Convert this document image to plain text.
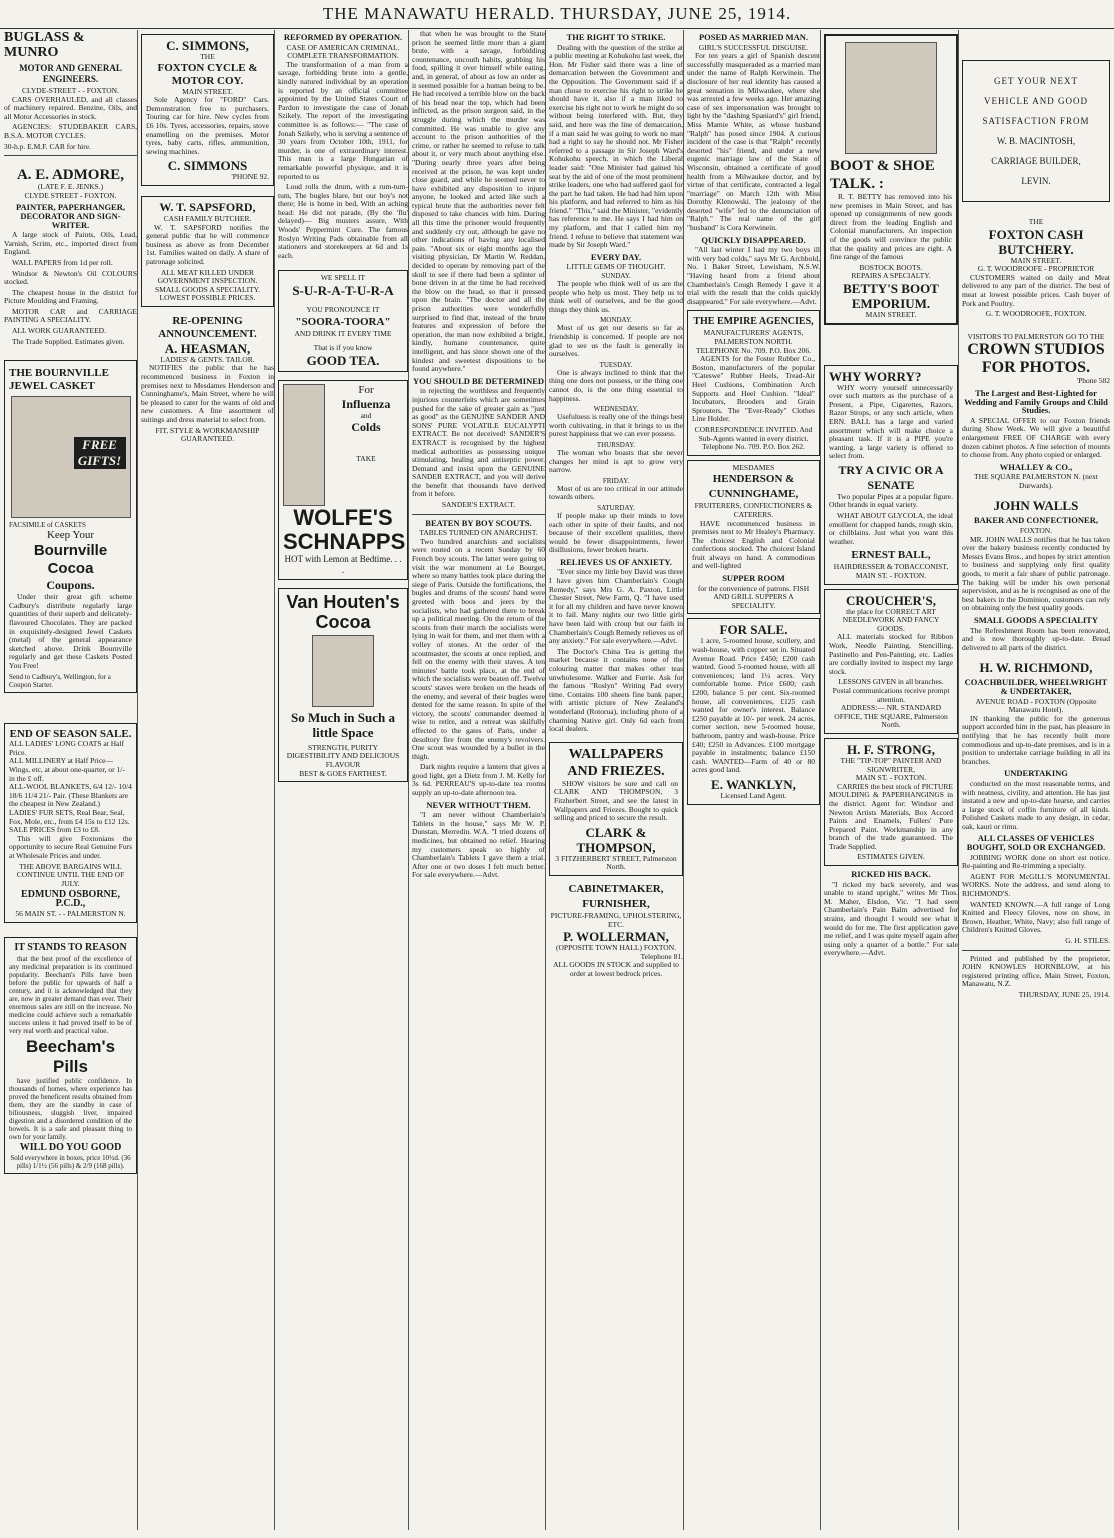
THE MANAWATU HERALD. THURSDAY, JUNE 25, 1914.
BUGLASS & MUNRO
MOTOR AND GENERAL ENGINEERS.
CLYDE-STREET - - FOXTON.

CARS OVERHAULED, and all classes of machinery repaired. Benzine, Oils, and all Motor Accessories in stock.

AGENCIES: STUDEBAKER CARS, B.S.A. MOTOR CYCLES.

30-h.p. E.M.F. CAR for hire.
A. E. ADMORE,
(LATE F. E. JENKS.)
CLYDE STREET - FOXTON.
PAINTER, PAPERHANGER, DECORATOR AND SIGN-WRITER.

A large stock of Paints, Oils, Lead, Varnish, Scrim, etc., imported direct from England.

WALL PAPERS from 1d per roll.

Windsor & Newton's Oil COLOURS stocked.

The cheapest house in the district for Picture Moulding and Framing.

MOTOR CAR and CARRIAGE PAINTING A SPECIALITY.

ALL WORK GUARANTEED.

The Trade Supplied. Estimates given.

THE BOURNVILLE JEWEL CASKET
FREE GIFTS!
FACSIMILE of CASKETS
Keep Your
Bournville Cocoa
Coupons.

Under their great gift scheme Cadbury's distribute regularly large quantities of their superb and delicately-flavoured Chocolates. They are packed in exquisitely-designed Jewel Caskets (metal) of the general appearance sketched above. Drink Bournville regularly and get these Caskets Posted You Free!

Send to Cadbury's, Wellington, for a Coupon Starter.
END OF SEASON SALE.
ALL LADIES' LONG COATS at Half Price.
ALL MILLINERY at Half Price—Wings, etc, at about one-quarter, or 1/- in the £ off.
ALL-WOOL BLANKETS, 6/4 12/- 10/4 18/6 11/4 21/- Pair. (These Blankets are the cheapest in New Zealand.)
LADIES' FUR SETS, Real Bear, Seal, Fox, Mole, etc., from £4 15s to £12 12s. SALE PRICES from £3 to £8.

This will give Foxtonians the opportunity to secure Real Genuine Furs at Wholesale Prices and under.

THE ABOVE BARGAINS WILL CONTINUE UNTIL THE END OF JULY.
EDMUND OSBORNE, P.C.D.,
56 MAIN ST. - - PALMERSTON N.
IT STANDS TO REASON

that the best proof of the excellence of any medicinal preparation is its continued popularity. Beecham's Pills have been before the public for upwards of half a century, and it is acknowledged that they are, now in greater demand than ever. Their enormous sales are still on the increase. No medicine could achieve such a remarkable success unless it had proved itself to be of very real worth and practical value.

Beecham's Pills

have justified public confidence. In thousands of homes, where experience has proved the beneficent results obtained from them, they are the standby in case of biliousness, sluggish liver, impaired digestion and a disordered condition of the bowels. It is a safe and pleasant thing to own for your family.

WILL DO YOU GOOD
Sold everywhere in boxes, price 10½d. (36 pills) 1/1½ (56 pills) & 2/9 (168 pills).
C. SIMMONS,
THE
FOXTON CYCLE & MOTOR COY.
MAIN STREET.

Sole Agency for "FORD" Cars. Demonstration free to purchasers. Touring car for hire. New cycles from £6 10s. Tyres, accessories, repairs, stove enamelling on the premises. Motor tyres, baby carts, rifles, ammunition, sewing machines.

C. SIMMONS
'PHONE 92.
W. T. SAPSFORD,
CASH FAMILY BUTCHER.

W. T. SAPSFORD notifies the general public that he will commence business as above as from December 1st. Families waited on daily. A share of patronage solicited.

ALL MEAT KILLED UNDER GOVERNMENT INSPECTION.
SMALL GOODS A SPECIALITY.
LOWEST POSSIBLE PRICES.
RE-OPENING ANNOUNCEMENT.
A. HEASMAN,
LADIES' & GENTS. TAILOR.

NOTIFIES the public that he has recommenced business in Foxton in premises next to Mesdames Henderson and Cunninghame's, Main Street, where he will be pleased to cater for the wants of old and new customers. A fine assortment of suitings and dress material to select from.

FIT, STYLE & WORKMANSHIP GUARANTEED.
REFORMED BY OPERATION.
CASE OF AMERICAN CRIMINAL.
COMPLETE TRANSFORMATION.

The transformation of a man from a savage, forbidding brute into a gentle, kindly natured individual by an operation is reported by an official committee appointed by the United States Court of Pardon to investigate the case of Jonah Szikely. The report of the investigating committee is as follows:— "The case of Jonah Szikely, who is serving a sentence of 30 years from October 10th, 1911, for murder, is one of extraordinary interest. This man is a large Hungarian of remarkable powerful physique, and it is reported to us

Loud rolls the drum, with a rum-tum-tum, The bugles blare, but our boy's not there; He is home in bed, With an aching head: He did not parade, (By the 'flu' delayed)— Big musters assure, With Woods' Peppermint Cure. The famous Roslyn Writing Pads obtainable from all stationers and storekeepers at 6d and 1s each.

WE SPELL IT
S-U-R-A-T-U-R-A
YOU PRONOUNCE IT
"SOORA-TOORA"
AND DRINK IT EVERY TIME
That is if you know
GOOD TEA.
For
Influenza
and
Colds
TAKE
WOLFE'S SCHNAPPS
HOT with Lemon at Bedtime. . . .
Van Houten's Cocoa
So Much in Such a little Space
STRENGTH, PURITY DIGESTIBILITY AND DELICIOUS FLAVOUR
BEST & GOES FARTHEST.

that when he was brought to the State prison he seemed little more than a giant brute, with a savage, forbidding countenance, uncouth habits, grabbing his food, spilling it over himself while eating, and, in general, of about as low an order as it seemed possible for a human being to be. He had received a terrible blow on the back of his head near the top, which had been inflicted, as the prison surgeon said, in the struggle during which the murder was committed. He was unable to give any account to the prison authorities of the crime, or rather he seemed to refuse to talk about it, or very much about anything else. "During nearly three years after being received at the prison, he was kept under close guard, and while he seemed never to have exhibited any disposition to injure anyone, he looked and acted like such a typical brute that the authorities never felt disposed to take chances with him. During all this time the prisoner would frequently and suddenly cry out, although he gave no other indications of having any localised pain. "About six or eight months ago the visiting physician, Dr Martin W. Reddan, decided to operate by removing part of the skull to see if there had been a splinter of bone driven in at the time he had received the blow on the head, so that it pressed upon the brain. "The doctor and all the prison authorities were wonderfully surprised to find that, instead of the brute features and expression of before the operation, the man now exhibited a bright, kindly, humane countenance, quite intelligent, and has since shown one of the kindest and sweetest dispositions to be found anywhere."

YOU SHOULD BE DETERMINED

in rejecting the worthless and frequently injurious counterfeits which are sometimes pushed for the sake of greater gain as "just as good" as the GENUINE SANDER AND SONS' PURE VOLATILE EUCALYPTI EXTRACT. Be not deceived! SANDER'S EXTRACT is recognised by the highest medical authorities as possessing unique stimulating, healing and antiseptic power. Demand and insist upon the GENUINE SANDER EXTRACT, and you will derive the benefit that thousands have derived from it before.

SANDER'S EXTRACT.
BEATEN BY BOY SCOUTS.
TABLES TURNED ON ANARCHIST.

Two hundred anarchists and socialists were routed on a recent Sunday by 60 French boy scouts. The latter were going to visit the war monument at Le Bourget, where so many battles took place during the siege of Paris. Outside the fortifications, the bugles and drums of the scouts' band were greeted with boos and jeers by the socialists, who had gathered there to break up a political meeting. On the return of the scouts from their march the socialists were lying in wait for them, and met them with a volley of stones. At the order of the scoutmaster, the scouts at once replied, and fell on the enemy with their staves. A ten minutes' battle took place, at the end of which the socialists were beaten off. Twelve scouts' staves were broken on the heads of the enemy, and several of their bugles were dented for the same reason. In spite of the victory, the scouts' commander deemed it wise to retire, and a retreat was skilfully effected to the gates of Paris, under a desultory fire from the enemy's revolvers. One scout was wounded by a bullet in the thigh.

Dark nights require a lantern that gives a good light, get a Dietz from J. M. Kelly for 3s 6d. PERREAU'S up-to-date tea rooms supply an up-to-date afternoon tea.

NEVER WITHOUT THEM.

"I am never without Chamberlain's Tablets in the house," says Mr W. P. Dunstan, Merredin. W.A. "I tried dozens of medicines, but obtained no relief. Hearing my customers speak so highly of Chamberlain's Tablets I gave them a trial. After one or two doses I felt much better. For sale everywhere.—Advt.

THE RIGHT TO STRIKE.

Dealing with the question of the strike at a public meeting at Kohukohu last week, the Hon. Mr Fisher said there was a line of demarcation between the Government and the Opposition. The Government said if a man chose to exercise his right to strike he should have it, also if a man liked to exercise his right not to work he might do so without being interfered with. But, they said, and here was the line of demarcation, if a man said he was going to work no man had a right to say he should not. Mr Fisher referred to a passage in Sir Joseph Ward's Kohukohu speech, in which the Liberal leader said: "One Minister had gained his seat by the aid of one of the most prominent strike leaders, one who had suffered gaol for the part he had taken. He had had him upon his platform, and had referred to him as his friend." "This," said the Minister, "evidently has reference to me. He says I had him on my platform, and that I called him my friend. I refuse to believe that statement was made by Sir Joseph Ward."

EVERY DAY.
LITTLE GEMS OF THOUGHT.
SUNDAY.

The people who think well of us are the people who help us most. They help us to think well of ourselves, and be the good things they think us.

MONDAY.

Most of us get our deserts so far as friendship is concerned. If people are not glad to see us the fault is generally in ourselves.

TUESDAY.

One is always inclined to think that the thing one does not possess, or the thing one cannot do, is the one thing essential to happiness.

WEDNESDAY.

Usefulness is really one of the things best worth cultivating, in that it brings to us the purest happiness that we can ever possess.

THURSDAY.

The woman who boasts that she never changes her mind is apt to grow very narrow.

FRIDAY.

Most of us are too critical in our attitude towards others.

SATURDAY.

If people make up their minds to love each other in spite of their faults, and not because of their excellent qualities, there would be fewer disappointments, fewer disillusions, fewer broken hearts.

RELIEVES US OF ANXIETY.

"Ever since my little boy David was three I have given him Chamberlain's Cough Remedy," says Mrs G. A. Paxton, Little Chester Street, New Farm, Q. "I have used it for all my children and have never known it to fail. Many nights our two little girls have been laid with croup but our faith in Chamberlain's Cough Remedy relieves us of any anxiety." For sale everywhere.—Advt.

The Doctor's China Tea is getting the market because it contains none of the colouring matter that makes other teas unwholesome. Walker and Furrie. Ask for the famous "Roslyn" Writing Pad every time. Contains 100 sheets fine bank paper, with artistic picture of New Zealand's wonderland (Rotorua), including photo of a charming Native girl. Only 6d each from local dealers.

WALLPAPERS AND FRIEZES.

SHOW visitors be sure and call on CLARK AND THOMPSON, 3 Fitzherbert Street, and see the latest in Wallpapers and Friezes. Bought to quick selling and priced to secure the result.

CLARK & THOMPSON,
3 FITZHERBERT STREET, Palmerston North.
CABINETMAKER, FURNISHER,
PICTURE-FRAMING, UPHOLSTERING, ETC.
P. WOLLERMAN,
(OPPOSITE TOWN HALL) FOXTON.
Telephone 81.
ALL GOODS IN STOCK and supplied to order at lowest bedrock prices.
POSED AS MARRIED MAN.
GIRL'S SUCCESSFUL DISGUISE.

For ten years a girl of Spanish descent successfully masqueraded as a married man under the name of Ralph Kerwinein. The disclosure of her real identity has caused a great sensation in Milwaukee, where she was arrested a few weeks ago. Her amazing case of sex impersonation was brought to light by the "dashing Spaniard's" girl friend, Miss Mamie White, as whose husband "Ralph" has posed since 1904. A curious incident of the case is that "Ralph" recently deserted "his" friend, and under a new eugenic marriage law of the State of Wisconsin, obtained a certificate of good health from a Milwaukee doctor, and by virtue of that certificate, contracted a legal "marriage" on March 12th with Miss Dorothy Klenowski. The jealousy of the deserted "wife" led to the denunciation of "Ralph." The real name of the girl "husband" is Cora Kerwinein.

QUICKLY DISAPPEARED.

"All last winter I had my two boys ill with very bad colds," says Mr G. Archbold, No. 1 Baker Street, Lewisham, N.S.W. "Having heard from a friend about Chamberlain's Cough Remedy I gave it a trial with the result that the colds quickly disappeared." For sale everywhere.—Advt.

THE EMPIRE AGENCIES,
MANUFACTURERS' AGENTS, PALMERSTON NORTH.
TELEPHONE No. 709. P.O. Box 206.

AGENTS for the Foster Rubber Co., Boston, manufacturers of the popular "Cateswe" Rubber Heels, Tread-Air Heel Cushions, Combination Arch Supports and Heel Cushion. "Ideal" Incubators, Brooders and Grain Sprouters. The "Ever-Ready" Clothes Line Holder.

CORRESPONDENCE INVITED. And Sub-Agents wanted in every district.
Telephone No. 709. P.O. Box 262.
MESDAMES
HENDERSON & CUNNINGHAME,
FRUITERERS, CONFECTIONERS & CATERERS.

HAVE recommenced business in premises next to Mr Healey's Pharmacy. The choicest English and Colonial confections stocked. The choicest Island fruit always on hand. A commodious and well-lighted

SUPPER ROOM
for the convenience of patrons. FISH AND GRILL SUPPERS A SPECIALITY.
FOR SALE.

1 acre, 5-roomed house, scullery, and wash-house, with copper set in. Situated Avenue Road. Price £450; £200 cash wanted. Good 5-roomed house, with all conveniences; land 1¼ acres. Very comfortable home. Price £600; cash £200, balance 5 per cent. Six-roomed house, all conveniences, £125 cash wanted for owner's interest. Balance £250 payable at 10/- per week. 24 acres, corner section, new 5-roomed house, bathroom, pantry and wash-house. Price £40; £250 in Advances. £100 mortgage payable in instalments; balance £150 cash. WANTED—Farm of 40 or 80 acres good land.

E. WANKLYN,
Licensed Land Agent.
BOOT & SHOE TALK. :

R. T. BETTY has removed into his new premises in Main Street, and has opened up consignments of new goods direct from the leading English and Colonial manufacturers. An inspection of the goods will convince the public that the quality and prices are right. A fine range of the famous

BOSTOCK BOOTS.
REPAIRS A SPECIALTY.
BETTY'S BOOT EMPORIUM.
MAIN STREET.
WHY WORRY?

WHY worry yourself unnecessarily over such matters as the purchase of a Present, a Pipe, Cigarettes, Razors, Razor Strops, or any such article, when ERN. BALL has a large and varied assortment which will make choice a pleasant task. If it is a PIPE you're wanting, a large variety is offered to select from.

TRY A CIVIC OR A SENATE

Two popular Pipes at a popular figure. Other brands in equal variety.

WHAT ABOUT GLYCOLA, the ideal emollient for chapped hands, rough skin, or chilblains. Just what you want this weather.

ERNEST BALL,
HAIRDRESSER & TOBACCONIST,
MAIN ST. - FOXTON.
CROUCHER'S,
the place for CORRECT ART NEEDLEWORK AND FANCY GOODS.

ALL materials stocked for Ribbon Work, Needle Painting, Stencilling, Pastinello and Pen-Painting, etc. Ladies are cordially invited to inspect my large stock.

LESSONS GIVEN in all branches.
Postal communications receive prompt attention.
ADDRESS:— NR. STANDARD OFFICE, THE SQUARE, Palmerston North.
H. F. STRONG,
THE "TIP-TOP" PAINTER AND SIGNWRITER,
MAIN ST. - FOXTON.

CARRIES the best stock of PICTURE MOULDING & PAPERHANGINGS in the district. Agent for: Windsor and Newton Artists Materials, Box Accord Paints and Enamels, Fullers' Pure Prepared Paint. Workmanship in any branch of the trade guaranteed. The Trade Supplied.

ESTIMATES GIVEN.
RICKED HIS BACK.

"I ricked my back severely, and was unable to stand upright," writes Mr Thos. M. Maher, Elsdon, Vic. "I had seen Chamberlain's Pain Balm advertised for strains, and thought I would see what it would do for me. The first application gave me relief, and I was quite myself again after using only a quarter of a bottle." For sale everywhere.—Advt.

GET YOUR NEXT
VEHICLE AND GOOD
SATISFACTION FROM
W. B. MACINTOSH,
CARRIAGE BUILDER,
LEVIN.
THE
FOXTON CASH BUTCHERY.
MAIN STREET.
G. T. WOODROOFE - PROPRIETOR

CUSTOMERS waited on daily and Meat delivered to any part of the district. The best of meat at lowest possible prices. Cash buyer of Pork and Poultry.

G. T. WOODROOFE, FOXTON.
VISITORS TO PALMERSTON GO TO THE
CROWN STUDIOS FOR PHOTOS.
'Phone 582
The Largest and Best-Lighted for Wedding and Family Groups and Child Studies.

A SPECIAL OFFER to our Foxton friends during Show Week. We will give a beautiful enlargement FREE OF CHARGE with every dozen cabinet photos. A fine selection of mounts to choose from. Any photo copied or enlarged.

WHALLEY & CO.,
THE SQUARE PALMERSTON N. (next Durwards).
JOHN WALLS
BAKER AND CONFECTIONER,
FOXTON.

MR. JOHN WALLS notifies that he has taken over the bakery business recently conducted by Messrs Evans Bros., and hopes by strict attention to business and supplying only first quality goods, to merit a fair share of public patronage. The baking will be under his own personal supervision, and as he is recognised as one of the best bakers in the Dominion, customers can rely on obtaining only the best quality goods.

SMALL GOODS A SPECIALITY

The Refreshment Room has been renovated, and is now thoroughly up-to-date. Bread delivered to all parts of the district.

H. W. RICHMOND,
COACHBUILDER, WHEELWRIGHT & UNDERTAKER,
AVENUE ROAD - FOXTON (Opposite Manawatu Hotel).

IN thanking the public for the generous support accorded him in the past, has pleasure in notifying that he has recently built more commodious and up-to-date premises, and is in a position to undertake carriage building in all its branches.

UNDERTAKING

conducted on the most reasonable terms, and with neatness, civility, and attention. He has just instated a new and up-to-date hearse, and carries a large stock of coffin furniture of all kinds. Polished Caskets made to any design, in cedar, oak, kauri or rimu.

ALL CLASSES OF VEHICLES BOUGHT, SOLD OR EXCHANGED.

JOBBING WORK done on short est notice. Re-painting and Re-trimming a specialty.

AGENT FOR McGILL'S MONUMENTAL WORKS. Note the address, and send along to RICHMOND'S.

WANTED KNOWN.—A full range of Long Knitted and Fleecy Gloves, now on show, in Brown, Heather, White, Navy; also full range of Children's Knitted Gloves.

G. H. STILES.

Printed and published by the proprietor, JOHN KNOWLES HORNBLOW, at his registered printing office, Main Street, Foxton, Manawatu, N.Z.

THURSDAY, JUNE 25, 1914.
